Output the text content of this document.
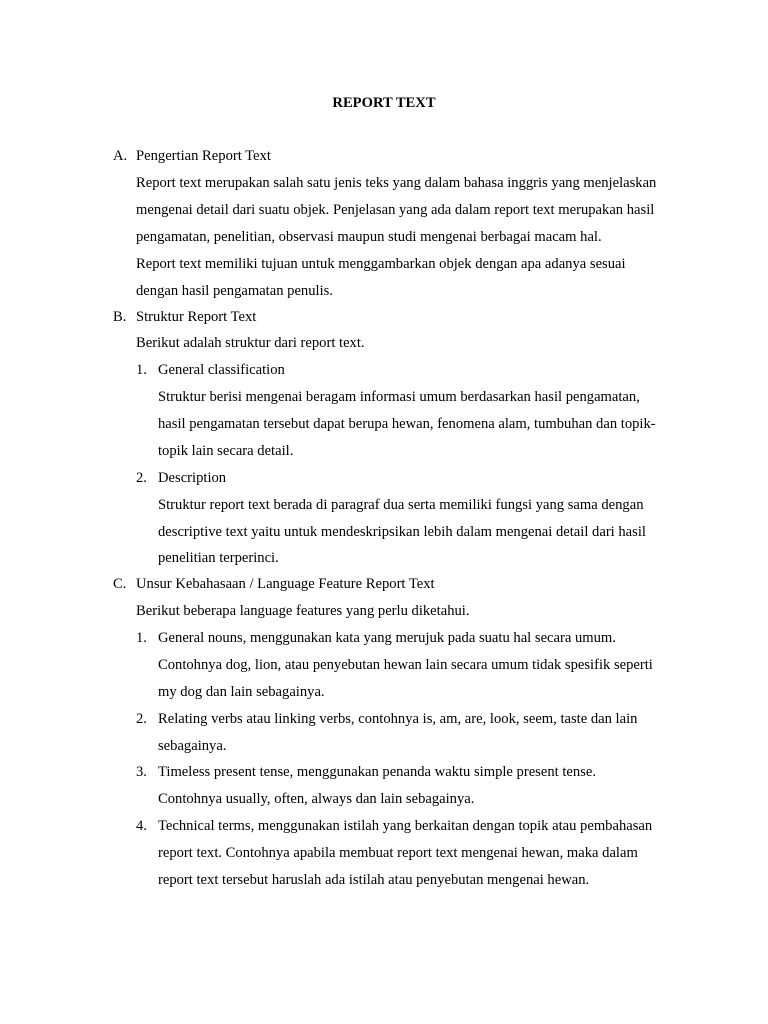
REPORT TEXT
A. Pengertian Report Text
Report text merupakan salah satu jenis teks yang dalam bahasa inggris yang menjelaskan
mengenai detail dari suatu objek. Penjelasan yang ada dalam report text merupakan hasil
pengamatan, penelitian, observasi maupun studi mengenai berbagai macam hal.
Report text memiliki tujuan untuk menggambarkan objek dengan apa adanya sesuai
dengan hasil pengamatan penulis.
B. Struktur Report Text
Berikut adalah struktur dari report text.
1. General classification
Struktur berisi mengenai beragam informasi umum berdasarkan hasil pengamatan,
hasil pengamatan tersebut dapat berupa hewan, fenomena alam, tumbuhan dan topik-
topik lain secara detail.
2. Description
Struktur report text berada di paragraf dua serta memiliki fungsi yang sama dengan
descriptive text yaitu untuk mendeskripsikan lebih dalam mengenai detail dari hasil
penelitian terperinci.
C. Unsur Kebahasaan / Language Feature Report Text
Berikut beberapa language features yang perlu diketahui.
1. General nouns, menggunakan kata yang merujuk pada suatu hal secara umum.
Contohnya dog, lion, atau penyebutan hewan lain secara umum tidak spesifik seperti
my dog dan lain sebagainya.
2. Relating verbs atau linking verbs, contohnya is, am, are, look, seem, taste dan lain
sebagainya.
3. Timeless present tense, menggunakan penanda waktu simple present tense.
Contohnya usually, often, always dan lain sebagainya.
4. Technical terms, menggunakan istilah yang berkaitan dengan topik atau pembahasan
report text. Contohnya apabila membuat report text mengenai hewan, maka dalam
report text tersebut haruslah ada istilah atau penyebutan mengenai hewan.
